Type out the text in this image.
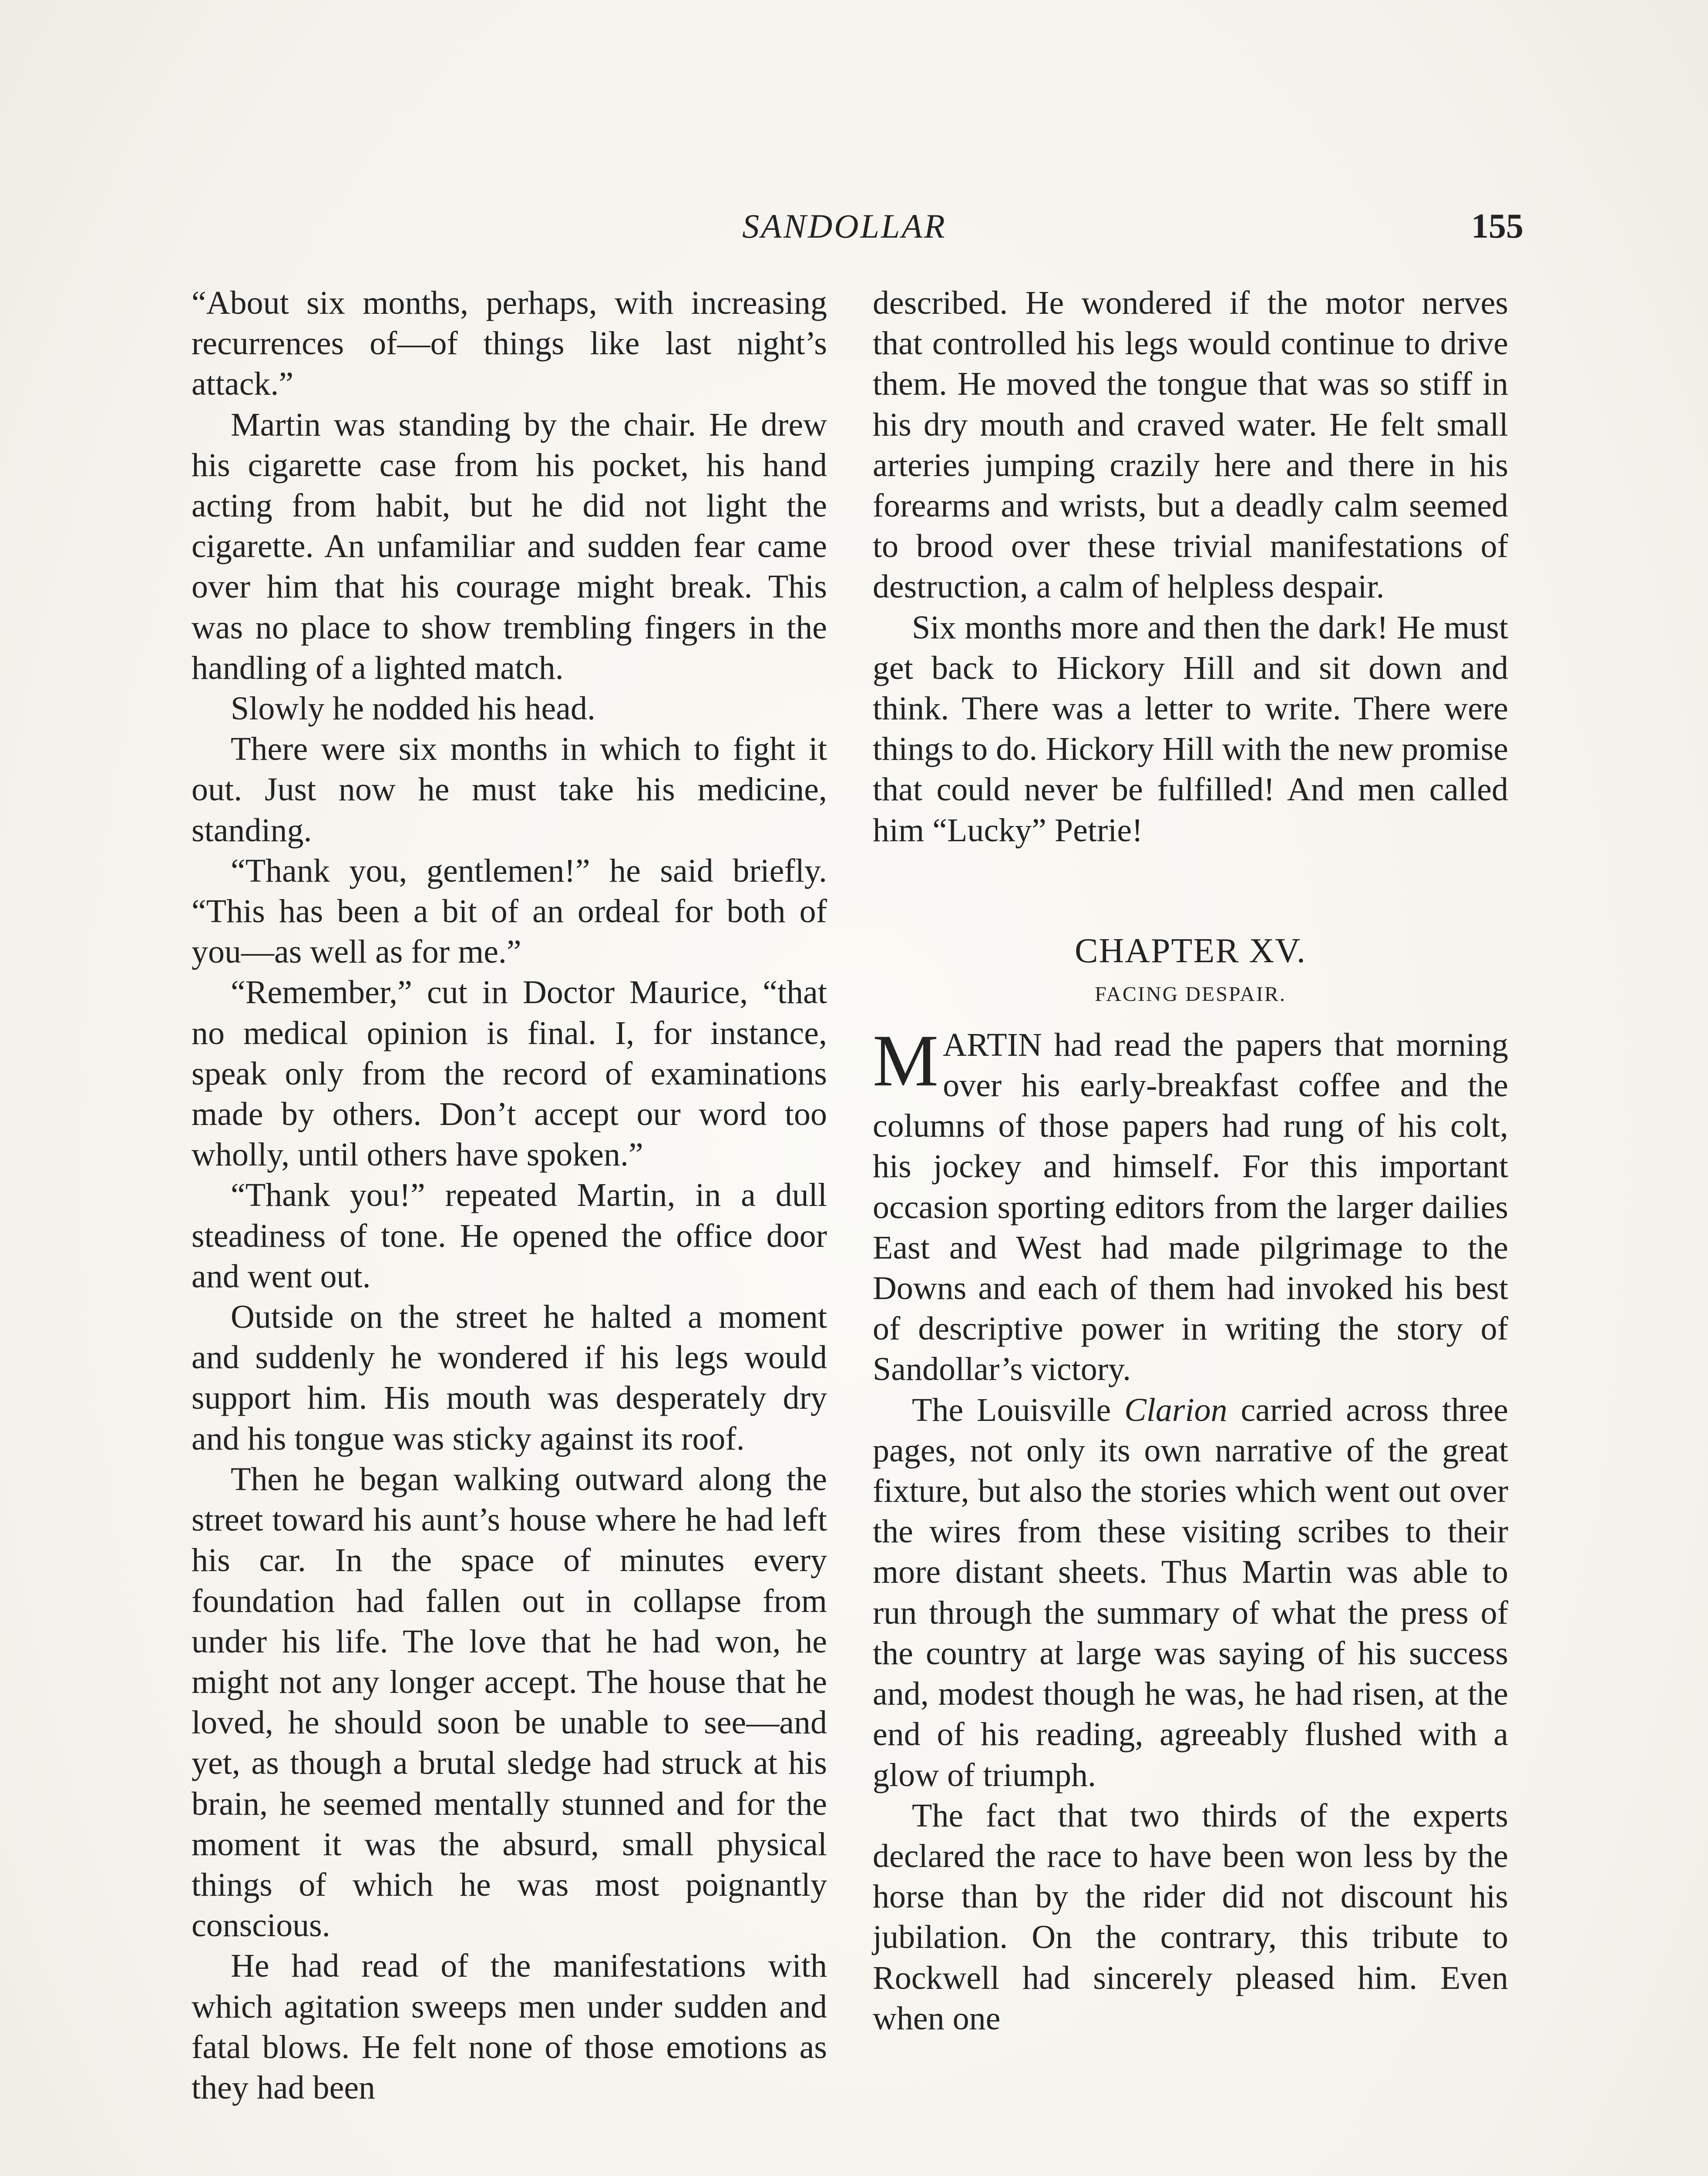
SANDOLLAR	155

“About six months, perhaps, with increasing recurrences of—of things like last night’s attack.”

Martin was standing by the chair. He drew his cigarette case from his pocket, his hand acting from habit, but he did not light the cigarette. An unfamiliar and sudden fear came over him that his courage might break. This was no place to show trembling fingers in the handling of a lighted match.

Slowly he nodded his head.

There were six months in which to fight it out. Just now he must take his medicine, standing.

“Thank you, gentlemen!” he said briefly. “This has been a bit of an ordeal for both of you—as well as for me.”

“Remember,” cut in Doctor Maurice, “that no medical opinion is final. I, for instance, speak only from the record of examinations made by others. Don’t accept our word too wholly, until others have spoken.”

“Thank you!” repeated Martin, in a dull steadiness of tone. He opened the office door and went out.

Outside on the street he halted a moment and suddenly he wondered if his legs would support him. His mouth was desperately dry and his tongue was sticky against its roof.

Then he began walking outward along the street toward his aunt’s house where he had left his car. In the space of minutes every foundation had fallen out in collapse from under his life. The love that he had won, he might not any longer accept. The house that he loved, he should soon be unable to see—and yet, as though a brutal sledge had struck at his brain, he seemed mentally stunned and for the moment it was the absurd, small physical things of which he was most poignantly conscious.

He had read of the manifestations with which agitation sweeps men under sudden and fatal blows. He felt none of those emotions as they had been

described. He wondered if the motor nerves that controlled his legs would continue to drive them. He moved the tongue that was so stiff in his dry mouth and craved water. He felt small arteries jumping crazily here and there in his forearms and wrists, but a deadly calm seemed to brood over these trivial manifestations of destruction, a calm of helpless despair.

Six months more and then the dark! He must get back to Hickory Hill and sit down and think. There was a letter to write. There were things to do. Hickory Hill with the new promise that could never be fulfilled! And men called him “Lucky” Petrie!

CHAPTER XV.
FACING DESPAIR.

MARTIN had read the papers that morning over his early-breakfast coffee and the columns of those papers had rung of his colt, his jockey and himself. For this important occasion sporting editors from the larger dailies East and West had made pilgrimage to the Downs and each of them had invoked his best of descriptive power in writing the story of Sandollar’s victory.

The Louisville Clarion carried across three pages, not only its own narrative of the great fixture, but also the stories which went out over the wires from these visiting scribes to their more distant sheets. Thus Martin was able to run through the summary of what the press of the country at large was saying of his success and, modest though he was, he had risen, at the end of his reading, agreeably flushed with a glow of triumph.

The fact that two thirds of the experts declared the race to have been won less by the horse than by the rider did not discount his jubilation. On the contrary, this tribute to Rockwell had sincerely pleased him. Even when one
